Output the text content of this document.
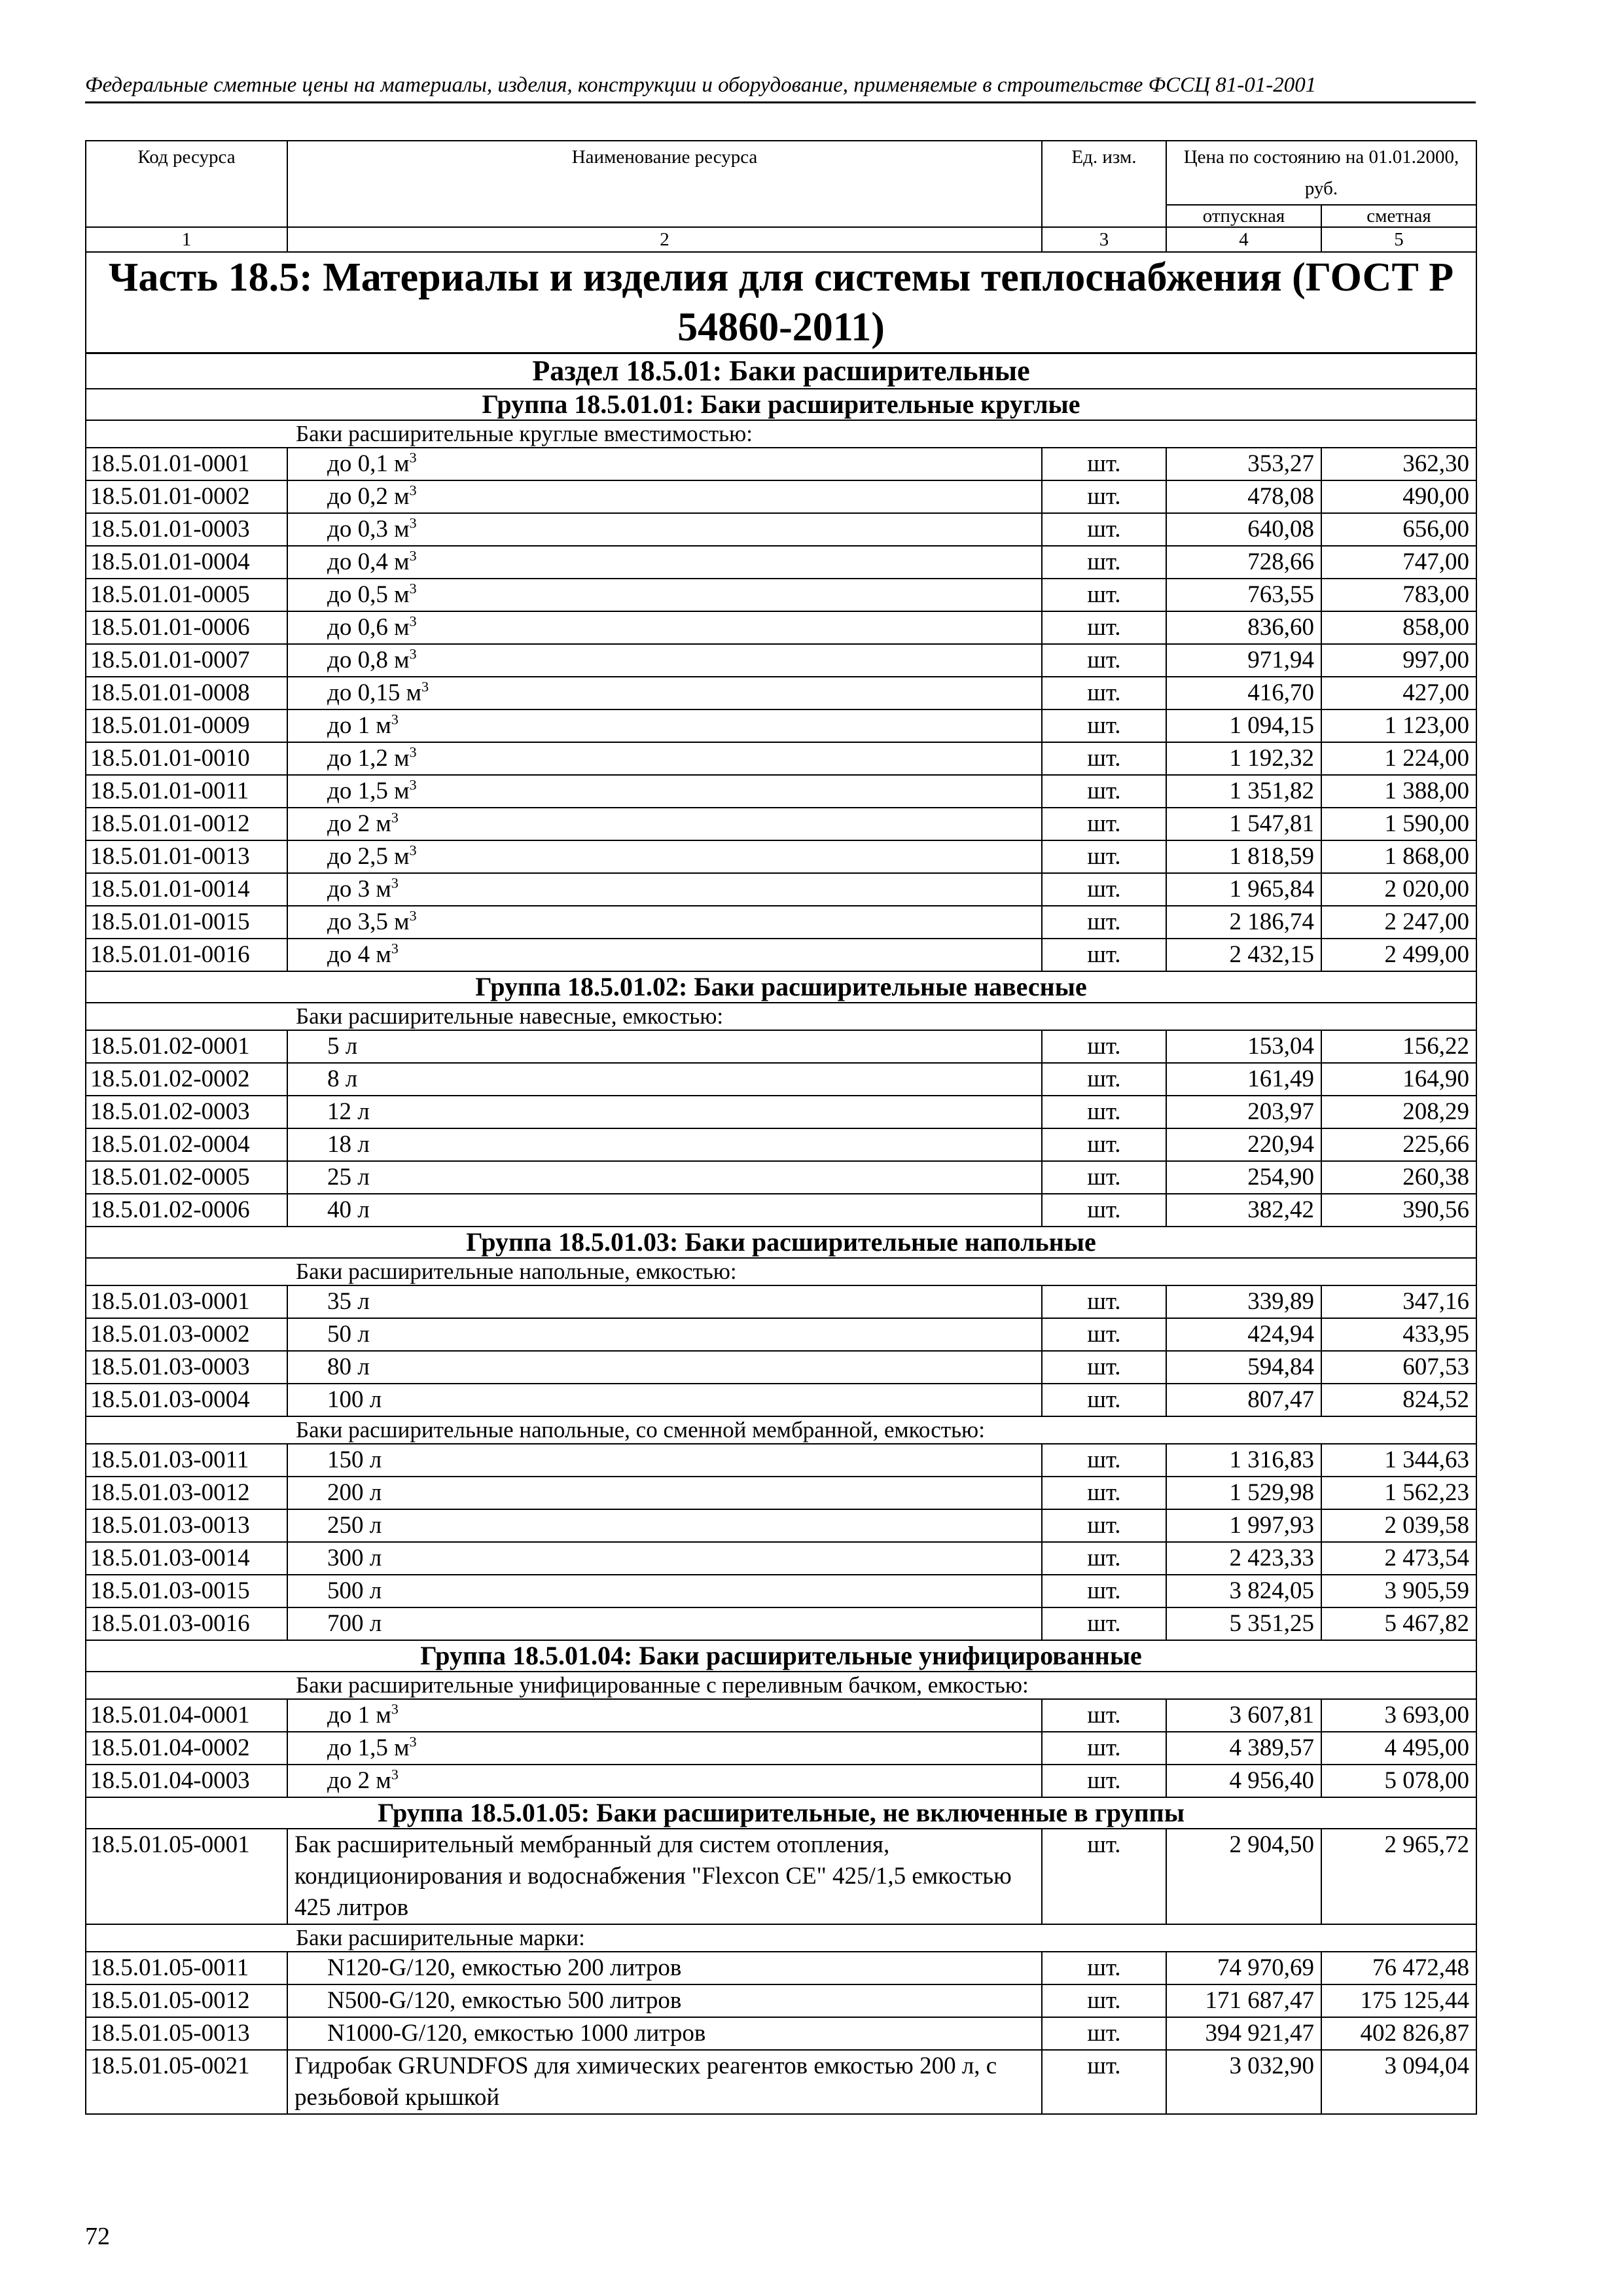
Федеральные сметные цены на материалы, изделия, конструкции и оборудование, применяемые в строительстве ФССЦ 81-01-2001
Код ресурса	Наименование ресурса	Ед. изм.	Цена по состоянию на 01.01.2000, руб.	
			отпускная	сметная
1	2	3	4	5
Часть 18.5: Материалы и изделия для системы теплоснабжения (ГОСТ Р 54860-2011)				
Раздел 18.5.01: Баки расширительные				
Группа 18.5.01.01: Баки расширительные круглые				
Баки расширительные круглые вместимостью:				
18.5.01.01-0001	до 0,1 $м^3$	шт.	353,27	362,30
18.5.01.01-0002	до 0,2 $м^3$	шт.	478,08	490,00
18.5.01.01-0003	до 0,3 $м^3$	шт.	640,08	656,00
18.5.01.01-0004	до 0,4 $м^3$	шт.	728,66	747,00
18.5.01.01-0005	до 0,5 $м^3$	шт.	763,55	783,00
18.5.01.01-0006	до 0,6 $м^3$	шт.	836,60	858,00
18.5.01.01-0007	до 0,8 $м^3$	шт.	971,94	997,00
18.5.01.01-0008	до 0,15 $м^3$	шт.	416,70	427,00
18.5.01.01-0009	до 1 $м^3$	шт.	1 094,15	1 123,00
18.5.01.01-0010	до 1,2 $м^3$	шт.	1 192,32	1 224,00
18.5.01.01-0011	до 1,5 $м^3$	шт.	1 351,82	1 388,00
18.5.01.01-0012	до 2 $м^3$	шт.	1 547,81	1 590,00
18.5.01.01-0013	до 2,5 $м^3$	шт.	1 818,59	1 868,00
18.5.01.01-0014	до 3 $м^3$	шт.	1 965,84	2 020,00
18.5.01.01-0015	до 3,5 $м^3$	шт.	2 186,74	2 247,00
18.5.01.01-0016	до 4 $м^3$	шт.	2 432,15	2 499,00
Группа 18.5.01.02: Баки расширительные навесные				
Баки расширительные навесные, емкостью:				
18.5.01.02-0001	5 л	шт.	153,04	156,22
18.5.01.02-0002	8 л	шт.	161,49	164,90
18.5.01.02-0003	12 л	шт.	203,97	208,29
18.5.01.02-0004	18 л	шт.	220,94	225,66
18.5.01.02-0005	25 л	шт.	254,90	260,38
18.5.01.02-0006	40 л	шт.	382,42	390,56
Группа 18.5.01.03: Баки расширительные напольные				
Баки расширительные напольные, емкостью:				
18.5.01.03-0001	35 л	шт.	339,89	347,16
18.5.01.03-0002	50 л	шт.	424,94	433,95
18.5.01.03-0003	80 л	шт.	594,84	607,53
18.5.01.03-0004	100 л	шт.	807,47	824,52
Баки расширительные напольные, со сменной мембранной, емкостью:				
18.5.01.03-0011	150 л	шт.	1 316,83	1 344,63
18.5.01.03-0012	200 л	шт.	1 529,98	1 562,23
18.5.01.03-0013	250 л	шт.	1 997,93	2 039,58
18.5.01.03-0014	300 л	шт.	2 423,33	2 473,54
18.5.01.03-0015	500 л	шт.	3 824,05	3 905,59
18.5.01.03-0016	700 л	шт.	5 351,25	5 467,82
Группа 18.5.01.04: Баки расширительные унифицированные				
Баки расширительные унифицированные с переливным бачком, емкостью:				
18.5.01.04-0001	до 1 $м^3$	шт.	3 607,81	3 693,00
18.5.01.04-0002	до 1,5 $м^3$	шт.	4 389,57	4 495,00
18.5.01.04-0003	до 2 $м^3$	шт.	4 956,40	5 078,00
Группа 18.5.01.05: Баки расширительные, не включенные в группы				
18.5.01.05-0001	Бак расширительный мембранный для систем отопления, кондиционирования и водоснабжения "Flexcon CE" 425/1,5 емкостью 425 литров	шт.	2 904,50	2 965,72
Баки расширительные марки:				
18.5.01.05-0011	N120-G/120, емкостью 200 литров	шт.	74 970,69	76 472,48
18.5.01.05-0012	N500-G/120, емкостью 500 литров	шт.	171 687,47	175 125,44
18.5.01.05-0013	N1000-G/120, емкостью 1000 литров	шт.	394 921,47	402 826,87
18.5.01.05-0021	Гидробак GRUNDFOS для химических реагентов емкостью 200 л, с резьбовой крышкой	шт.	3 032,90	3 094,04
72
